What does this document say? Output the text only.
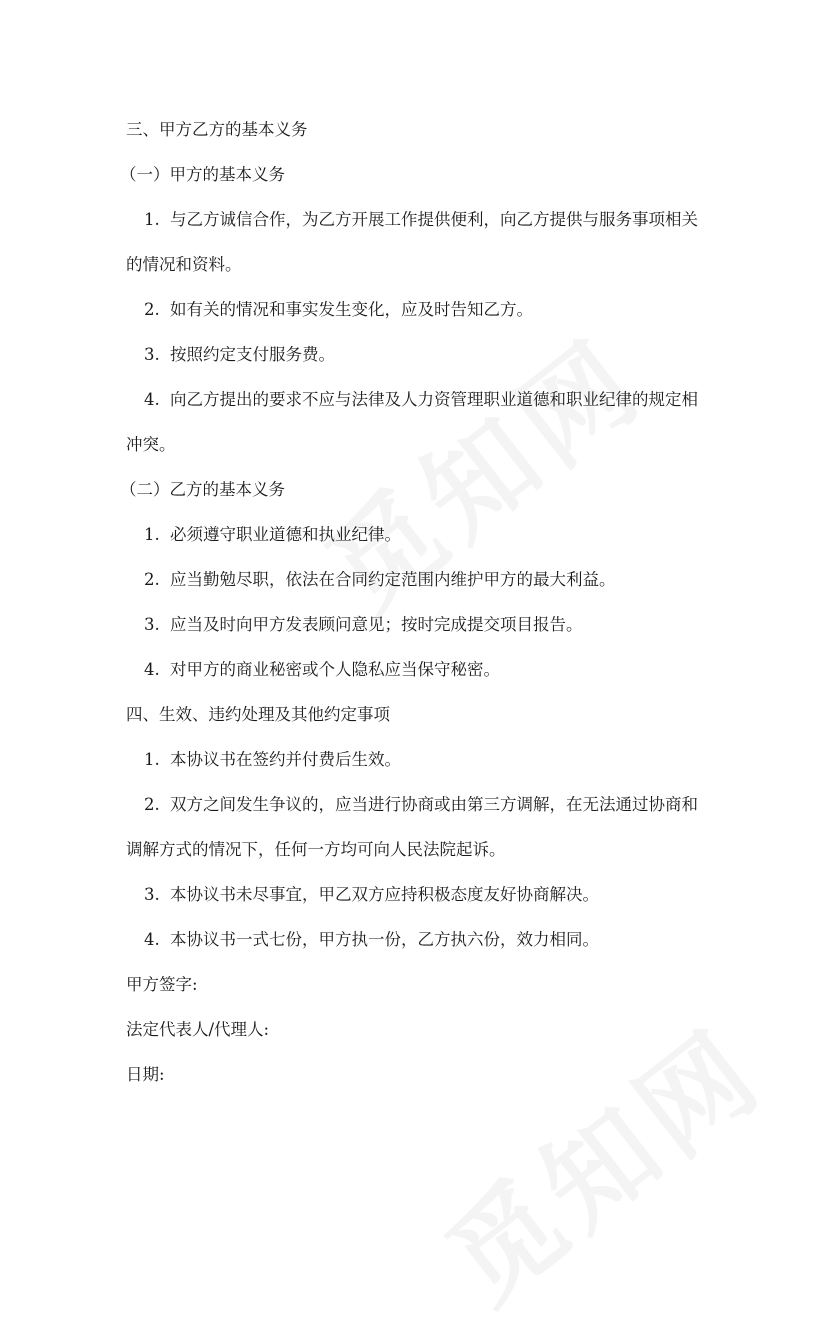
三、甲方乙方的基本义务

（一）甲方的基本义务

1. 与乙方诚信合作，为乙方开展工作提供便利，向乙方提供与服务事项相关

的情况和资料。

2. 如有关的情况和事实发生变化，应及时告知乙方。

3. 按照约定支付服务费。

4. 向乙方提出的要求不应与法律及人力资管理职业道德和职业纪律的规定相

冲突。

（二）乙方的基本义务

1. 必须遵守职业道德和执业纪律。

2. 应当勤勉尽职，依法在合同约定范围内维护甲方的最大利益。

3. 应当及时向甲方发表顾问意见；按时完成提交项目报告。

4. 对甲方的商业秘密或个人隐私应当保守秘密。

四、生效、违约处理及其他约定事项

1. 本协议书在签约并付费后生效。

2. 双方之间发生争议的，应当进行协商或由第三方调解，在无法通过协商和

调解方式的情况下，任何一方均可向人民法院起诉。

3. 本协议书未尽事宜，甲乙双方应持积极态度友好协商解决。

4. 本协议书一式七份，甲方执一份，乙方执六份，效力相同。

甲方签字:

法定代表人/代理人:

日期:
